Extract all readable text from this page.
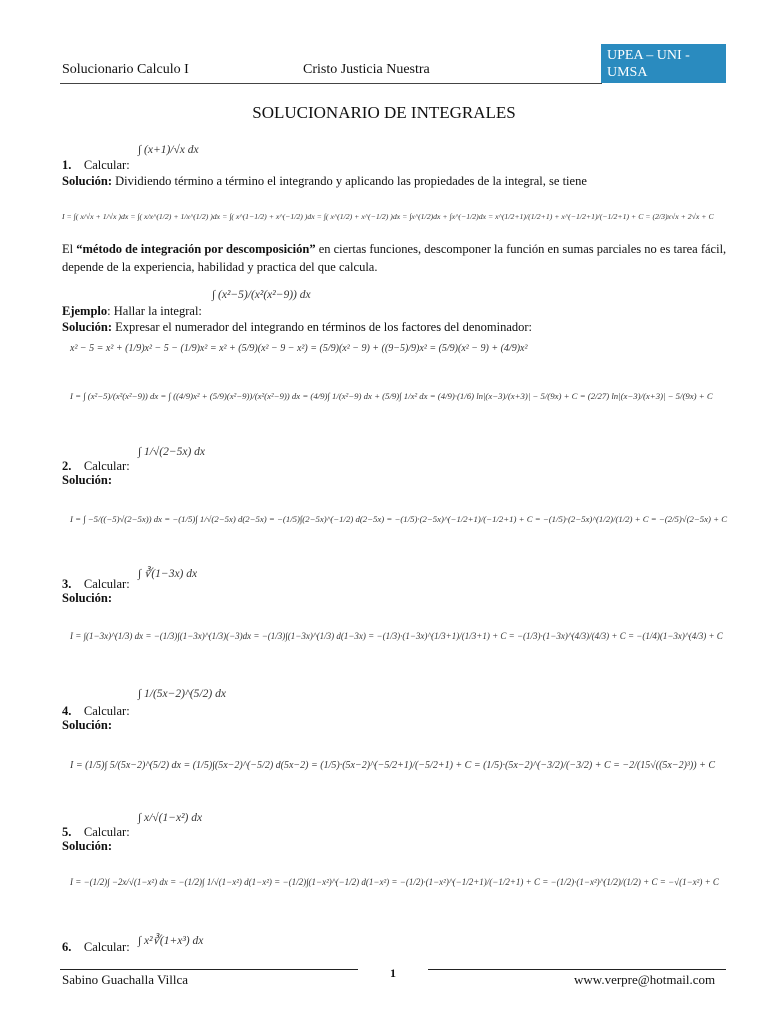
Solucionario Calculo I	Cristo Justicia Nuestra
UPEA – UNI -
UMSA
SOLUCIONARIO DE INTEGRALES
∫ (x+1)/√x dx
1. Calcular:
Solución: Dividiendo término a término el integrando y aplicando las propiedades de la integral, se tiene
I = ∫( x/√x + 1/√x )dx = ∫( x/x^(1/2) + 1/x^(1/2) )dx = ∫( x^(1−1/2) + x^(−1/2) )dx = ∫( x^(1/2) + x^(−1/2) )dx = ∫x^(1/2)dx + ∫x^(−1/2)dx = x^(1/2+1)/(1/2+1) + x^(−1/2+1)/(−1/2+1) + C = (2/3)x√x + 2√x + C
El “método de integración por descomposición” en ciertas funciones, descomponer la función en sumas parciales no es tarea fácil,
depende de la experiencia, habilidad y practica del que calcula.
∫ (x²−5)/(x²(x²−9)) dx
Ejemplo: Hallar la integral:
Solución: Expresar el numerador del integrando en términos de los factores del denominador:
x² − 5 = x² + (1/9)x² − 5 − (1/9)x² = x² + (5/9)(x² − 9 − x²) = (5/9)(x² − 9) + ((9−5)/9)x² = (5/9)(x² − 9) + (4/9)x²
I = ∫ (x²−5)/(x²(x²−9)) dx = ∫ ((4/9)x² + (5/9)(x²−9))/(x²(x²−9)) dx = (4/9)∫ 1/(x²−9) dx + (5/9)∫ 1/x² dx = (4/9)·(1/6) ln|(x−3)/(x+3)| − 5/(9x) + C = (2/27) ln|(x−3)/(x+3)| − 5/(9x) + C
∫ 1/√(2−5x) dx
2. Calcular:
Solución:
I = ∫ −5/((−5)√(2−5x)) dx = −(1/5)∫ 1/√(2−5x) d(2−5x) = −(1/5)∫(2−5x)^(−1/2) d(2−5x) = −(1/5)·(2−5x)^(−1/2+1)/(−1/2+1) + C = −(1/5)·(2−5x)^(1/2)/(1/2) + C = −(2/5)√(2−5x) + C
∫ ∛(1−3x) dx
3. Calcular:
Solución:
I = ∫(1−3x)^(1/3) dx = −(1/3)∫(1−3x)^(1/3)(−3)dx = −(1/3)∫(1−3x)^(1/3) d(1−3x) = −(1/3)·(1−3x)^(1/3+1)/(1/3+1) + C = −(1/3)·(1−3x)^(4/3)/(4/3) + C = −(1/4)(1−3x)^(4/3) + C
∫ 1/(5x−2)^(5/2) dx
4. Calcular:
Solución:
I = (1/5)∫ 5/(5x−2)^(5/2) dx = (1/5)∫(5x−2)^(−5/2) d(5x−2) = (1/5)·(5x−2)^(−5/2+1)/(−5/2+1) + C = (1/5)·(5x−2)^(−3/2)/(−3/2) + C = −2/(15√((5x−2)³)) + C
∫ x/√(1−x²) dx
5. Calcular:
Solución:
I = −(1/2)∫ −2x/√(1−x²) dx = −(1/2)∫ 1/√(1−x²) d(1−x²) = −(1/2)∫(1−x²)^(−1/2) d(1−x²) = −(1/2)·(1−x²)^(−1/2+1)/(−1/2+1) + C = −(1/2)·(1−x²)^(1/2)/(1/2) + C = −√(1−x²) + C
∫ x²∛(1+x³) dx
6. Calcular:
Sabino Guachalla Villca	1	www.verpre@hotmail.com
